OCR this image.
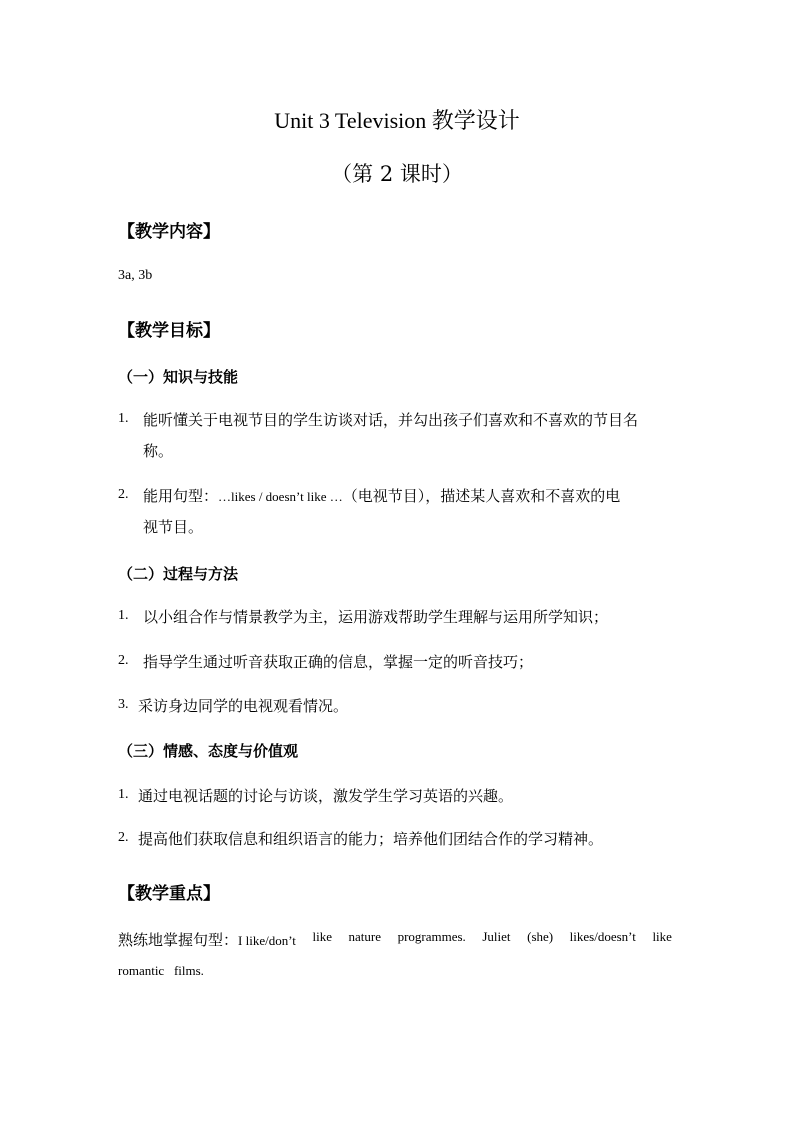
Unit 3 Television 教学设计
（第 2 课时）
【教学内容】
3a, 3b
【教学目标】
（一）知识与技能
1. 能听懂关于电视节目的学生访谈对话，并勾出孩子们喜欢和不喜欢的节目名
称。
2. 能用句型：…likes / doesn’t like …（电视节目），描述某人喜欢和不喜欢的电
视节目。
（二）过程与方法
1. 以小组合作与情景教学为主，运用游戏帮助学生理解与运用所学知识；
2. 指导学生通过听音获取正确的信息，掌握一定的听音技巧；
3. 采访身边同学的电视观看情况。
（三）情感、态度与价值观
1. 通过电视话题的讨论与访谈，激发学生学习英语的兴趣。
2. 提高他们获取信息和组织语言的能力；培养他们团结合作的学习精神。
【教学重点】
熟练地掌握句型：I like/don’t like nature programmes. Juliet (she) likes/doesn’t like
romantic   films.
